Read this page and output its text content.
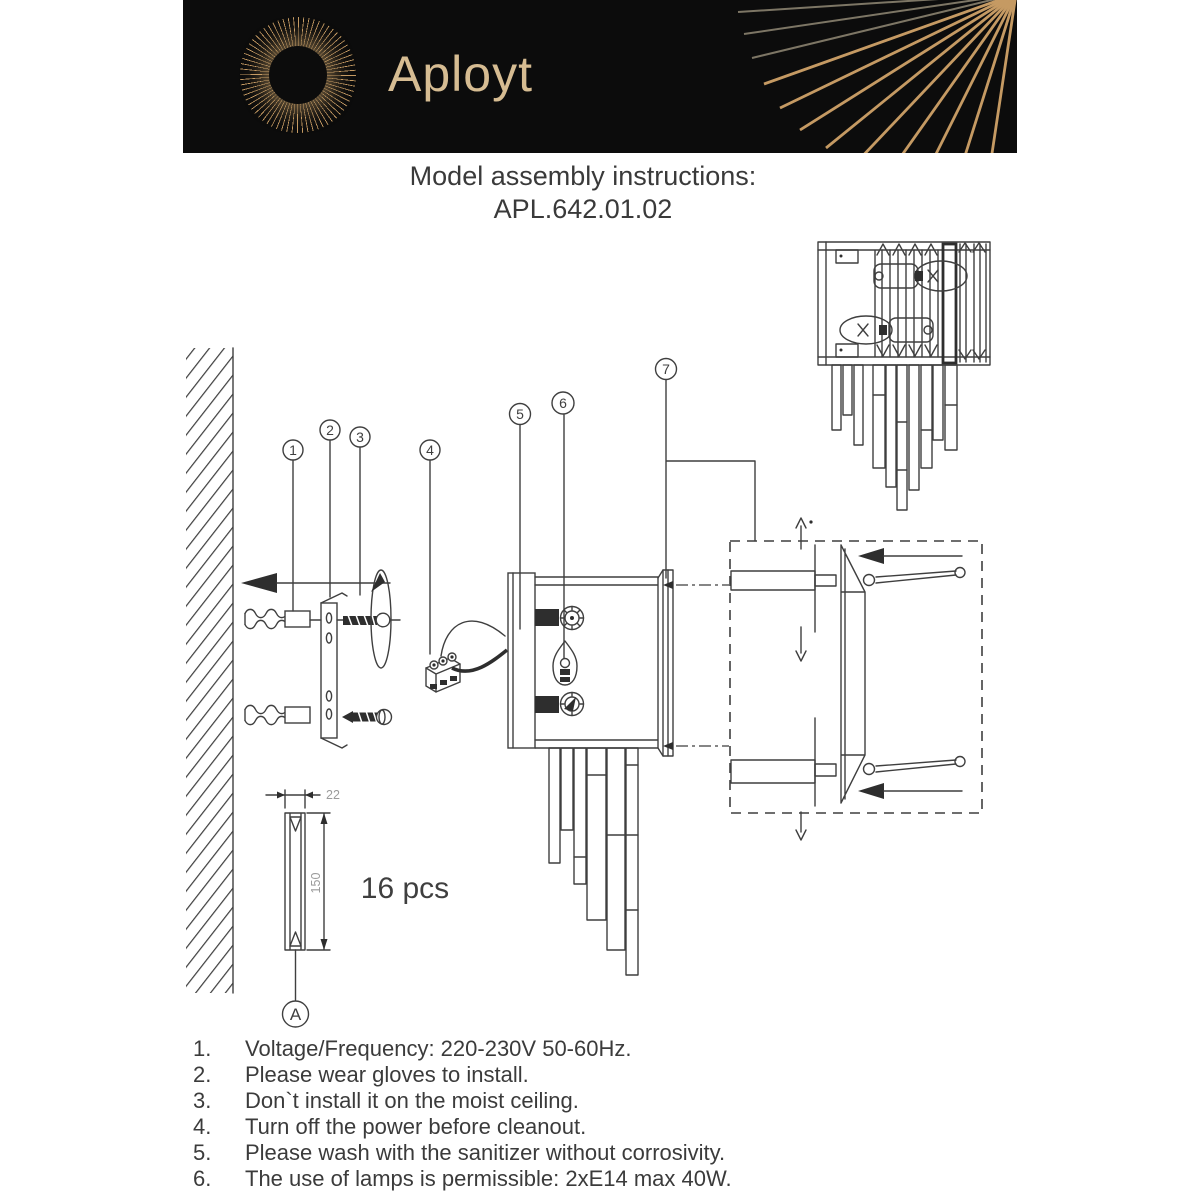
Aployt
Model assembly instructions:
APL.642.01.02
1
2 3
4
5
6
7
22
150
A
16 pcs
1.	Voltage/Frequency: 220-230V 50-60Hz.
2.	Please wear gloves to install.
3.	Don`t install it on the moist ceiling.
4.	Turn off the power before cleanout.
5.	Please wash with the sanitizer without corrosivity.
6.	The use of lamps is permissible: 2xE14 max 40W.
